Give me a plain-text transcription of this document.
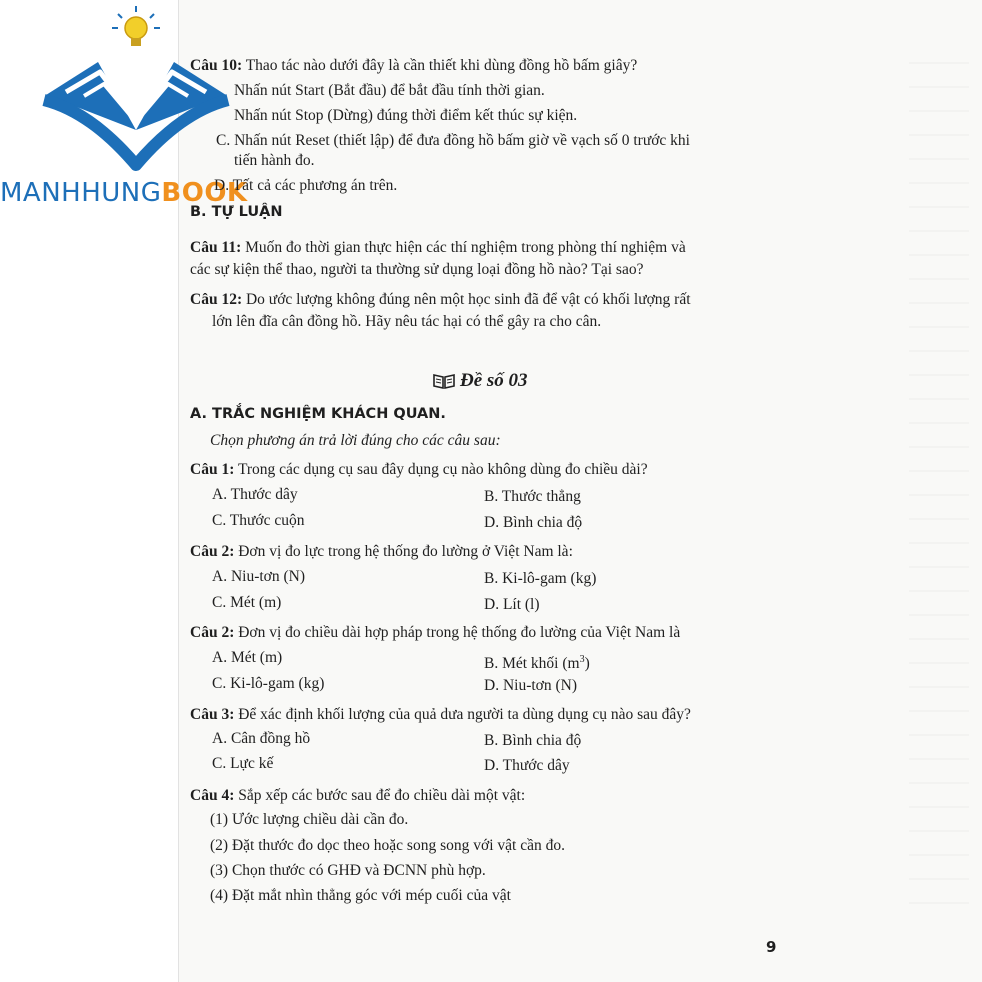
MANHHUNGBOOK
Câu 10: Thao tác nào dưới đây là cần thiết khi dùng đồng hồ bấm giây?
Nhấn nút Start (Bắt đầu) để bắt đầu tính thời gian.
Nhấn nút Stop (Dừng) đúng thời điểm kết thúc sự kiện.
C. Nhấn nút Reset (thiết lập) để đưa đồng hồ bấm giờ về vạch số 0 trước khi
tiến hành đo.
D. Tất cả các phương án trên.
B. TỰ LUẬN
Câu 11: Muốn đo thời gian thực hiện các thí nghiệm trong phòng thí nghiệm và
các sự kiện thể thao, người ta thường sử dụng loại đồng hồ nào? Tại sao?
Câu 12: Do ước lượng không đúng nên một học sinh đã để vật có khối lượng rất
lớn lên đĩa cân đồng hồ. Hãy nêu tác hại có thể gây ra cho cân.
Đề số 03
A. TRẮC NGHIỆM KHÁCH QUAN.
Chọn phương án trả lời đúng cho các câu sau:
Câu 1: Trong các dụng cụ sau đây dụng cụ nào không dùng đo chiều dài?
A. Thước dây	B. Thước thẳng
C. Thước cuộn	D. Bình chia độ
Câu 2: Đơn vị đo lực trong hệ thống đo lường ở Việt Nam là:
A. Niu-tơn (N)	B. Ki-lô-gam (kg)
C. Mét (m)	D. Lít (l)
Câu 2: Đơn vị đo chiều dài hợp pháp trong hệ thống đo lường của Việt Nam là
A. Mét (m)	B. Mét khối $(m^3)$
C. Ki-lô-gam (kg)	D. Niu-tơn (N)
Câu 3: Để xác định khối lượng của quả dưa người ta dùng dụng cụ nào sau đây?
A. Cân đồng hồ	B. Bình chia độ
C. Lực kế	D. Thước dây
Câu 4: Sắp xếp các bước sau để đo chiều dài một vật:
(1) Ước lượng chiều dài cần đo.
(2) Đặt thước đo dọc theo hoặc song song với vật cần đo.
(3) Chọn thước có GHĐ và ĐCNN phù hợp.
(4) Đặt mắt nhìn thẳng góc với mép cuối của vật
9
